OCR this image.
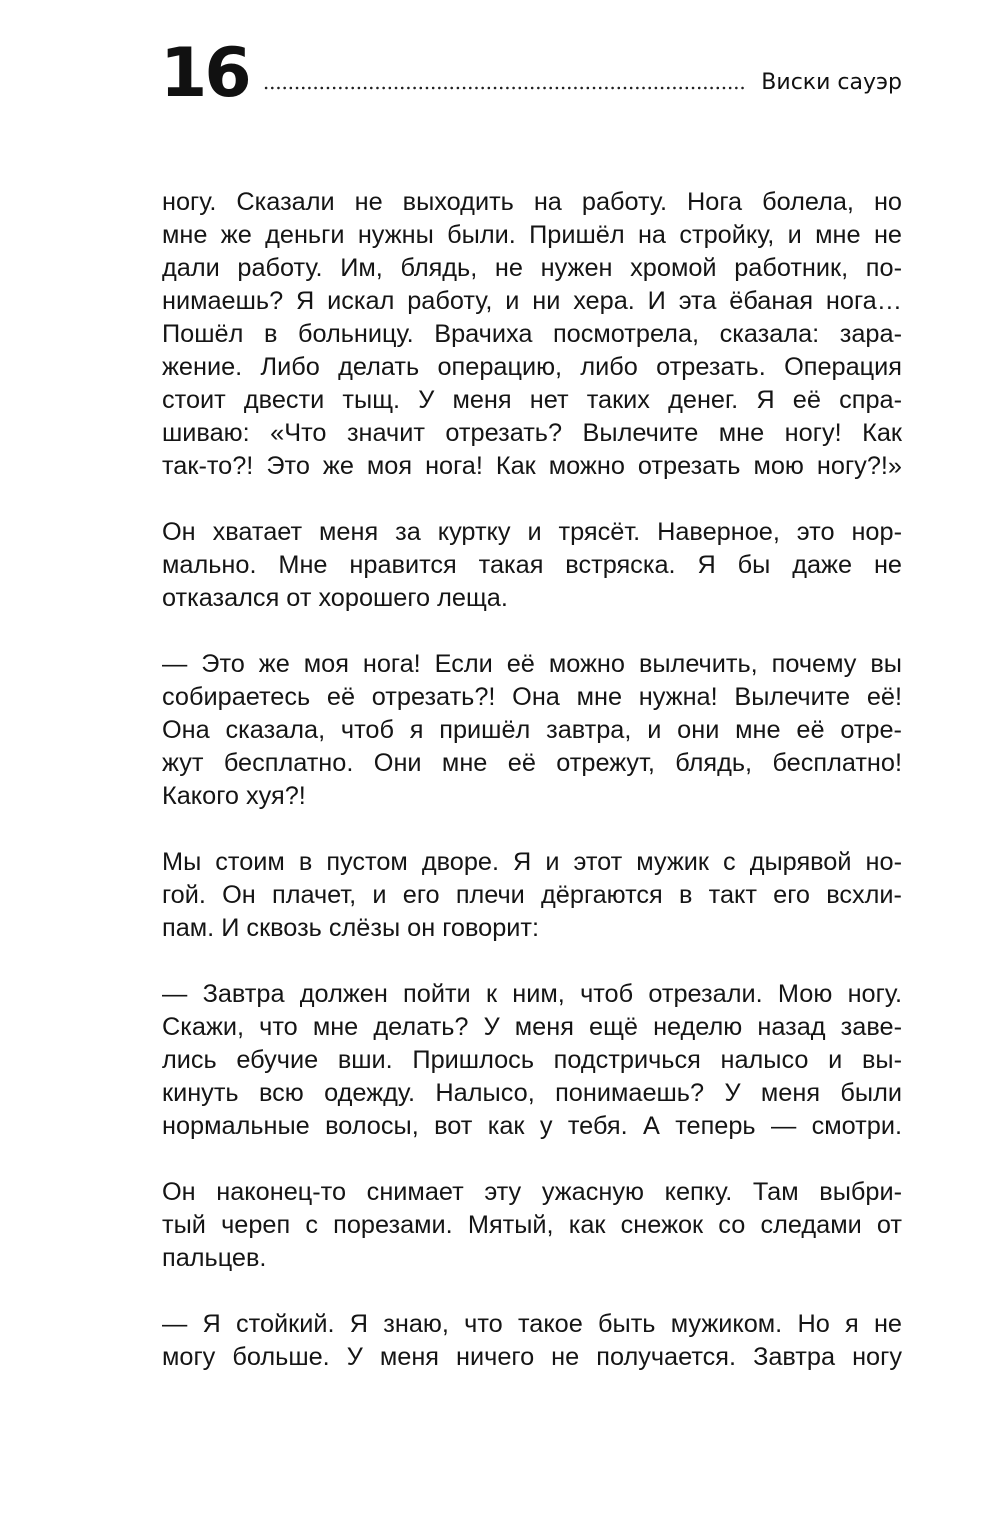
16	Виски сауэр

ногу. Сказали не выходить на работу. Нога болела, но
мне же деньги нужны были. Пришёл на стройку, и мне не
дали работу. Им, блядь, не нужен хромой работник, по-
нимаешь? Я искал работу, и ни хера. И эта ёбаная нога…
Пошёл в больницу. Врачиха посмотрела, сказала: зара-
жение. Либо делать операцию, либо отрезать. Операция
стоит двести тыщ. У меня нет таких денег. Я её спра-
шиваю: «Что значит отрезать? Вылечите мне ногу! Как
так-то?! Это же моя нога! Как можно отрезать мою ногу?!»

Он хватает меня за куртку и трясёт. Наверное, это нор-
мально. Мне нравится такая встряска. Я бы даже не
отказался от хорошего леща.

— Это же моя нога! Если её можно вылечить, почему вы
собираетесь её отрезать?! Она мне нужна! Вылечите её!
Она сказала, чтоб я пришёл завтра, и они мне её отре-
жут бесплатно. Они мне её отрежут, блядь, бесплатно!
Какого хуя?!

Мы стоим в пустом дворе. Я и этот мужик с дырявой но-
гой. Он плачет, и его плечи дёргаются в такт его всхли-
пам. И сквозь слёзы он говорит:

— Завтра должен пойти к ним, чтоб отрезали. Мою ногу.
Скажи, что мне делать? У меня ещё неделю назад заве-
лись ебучие вши. Пришлось подстричься налысо и вы-
кинуть всю одежду. Налысо, понимаешь? У меня были
нормальные волосы, вот как у тебя. А теперь — смотри.

Он наконец-то снимает эту ужасную кепку. Там выбри-
тый череп с порезами. Мятый, как снежок со следами от
пальцев.

— Я стойкий. Я знаю, что такое быть мужиком. Но я не
могу больше. У меня ничего не получается. Завтра ногу
